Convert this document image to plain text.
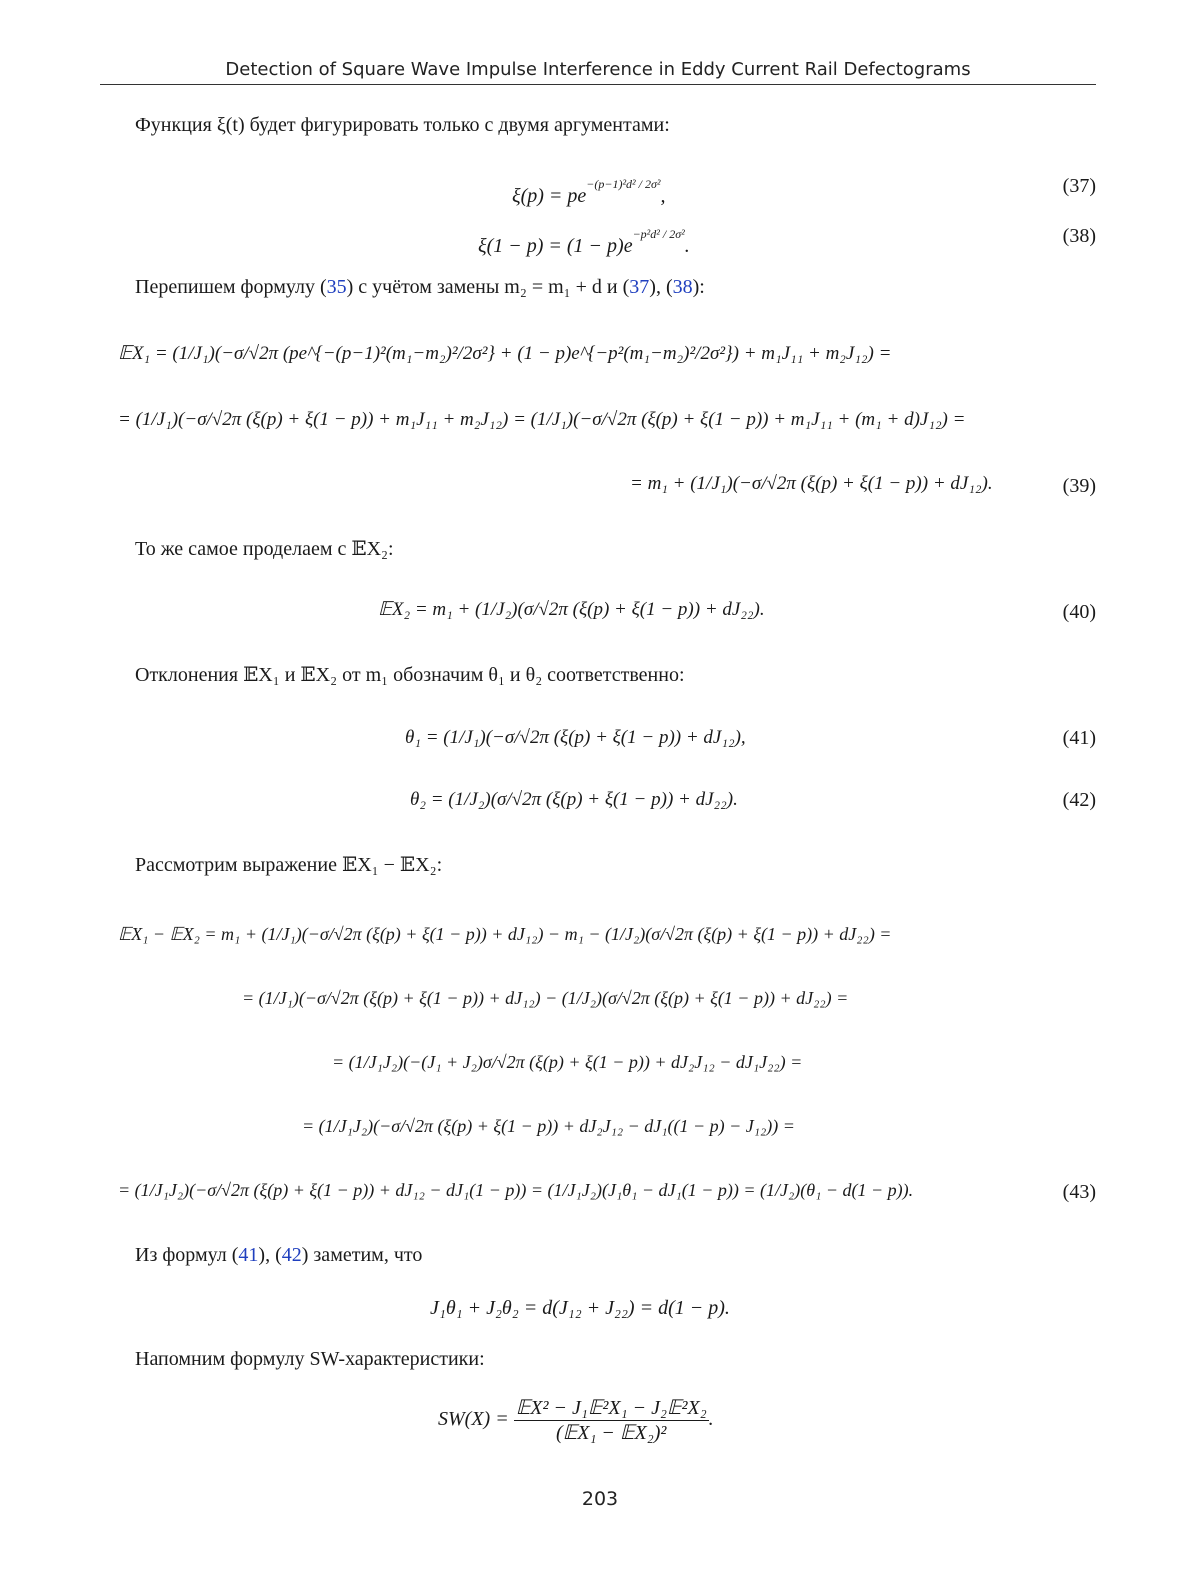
Detection of Square Wave Impulse Interference in Eddy Current Rail Defectograms
Функция ξ(t) будет фигурировать только с двумя аргументами:
$\xi(p) = pe^{-(p-1)^2d^2 / 2\sigma^2}$,	(37)
$\xi(1 - p) = (1 - p)e^{-p^2d^2 / 2\sigma^2}$.	(38)
Перепишем формулу (35) с учётом замены m₂ = m₁ + d и (37), (38):
𝔼X₁ = (1/J₁)(−σ/√2π (pe^{−(p−1)²(m₁−m₂)²/2σ²} + (1 − p)e^{−p²(m₁−m₂)²/2σ²}) + m₁J₁₁ + m₂J₁₂) =
= (1/J₁)(−σ/√2π (ξ(p) + ξ(1 − p)) + m₁J₁₁ + m₂J₁₂) = (1/J₁)(−σ/√2π (ξ(p) + ξ(1 − p)) + m₁J₁₁ + (m₁ + d)J₁₂) =
= m₁ + (1/J₁)(−σ/√2π (ξ(p) + ξ(1 − p)) + dJ₁₂).	(39)
То же самое проделаем с 𝔼X₂:
𝔼X₂ = m₁ + (1/J₂)(σ/√2π (ξ(p) + ξ(1 − p)) + dJ₂₂).	(40)
Отклонения 𝔼X₁ и 𝔼X₂ от m₁ обозначим θ₁ и θ₂ соответственно:
θ₁ = (1/J₁)(−σ/√2π (ξ(p) + ξ(1 − p)) + dJ₁₂),	(41)
θ₂ = (1/J₂)(σ/√2π (ξ(p) + ξ(1 − p)) + dJ₂₂).	(42)
Рассмотрим выражение 𝔼X₁ − 𝔼X₂:
𝔼X₁ − 𝔼X₂ = m₁ + (1/J₁)(−σ/√2π (ξ(p) + ξ(1 − p)) + dJ₁₂) − m₁ − (1/J₂)(σ/√2π (ξ(p) + ξ(1 − p)) + dJ₂₂) =
= (1/J₁)(−σ/√2π (ξ(p) + ξ(1 − p)) + dJ₁₂) − (1/J₂)(σ/√2π (ξ(p) + ξ(1 − p)) + dJ₂₂) =
= (1/J₁J₂)(−(J₁ + J₂)σ/√2π (ξ(p) + ξ(1 − p)) + dJ₂J₁₂ − dJ₁J₂₂) =
= (1/J₁J₂)(−σ/√2π (ξ(p) + ξ(1 − p)) + dJ₂J₁₂ − dJ₁((1 − p) − J₁₂)) =
= (1/J₁J₂)(−σ/√2π (ξ(p) + ξ(1 − p)) + dJ₁₂ − dJ₁(1 − p)) = (1/J₁J₂)(J₁θ₁ − dJ₁(1 − p)) = (1/J₂)(θ₁ − d(1 − p)).	(43)
Из формул (41), (42) заметим, что
J₁θ₁ + J₂θ₂ = d(J₁₂ + J₂₂) = d(1 − p).
Напомним формулу SW-характеристики:
$SW(X) = \frac{\text{𝔼X² − J₁𝔼²X₁ − J₂𝔼²X₂}}{\text{(𝔼X₁ − 𝔼X₂)²}}$ .
203
